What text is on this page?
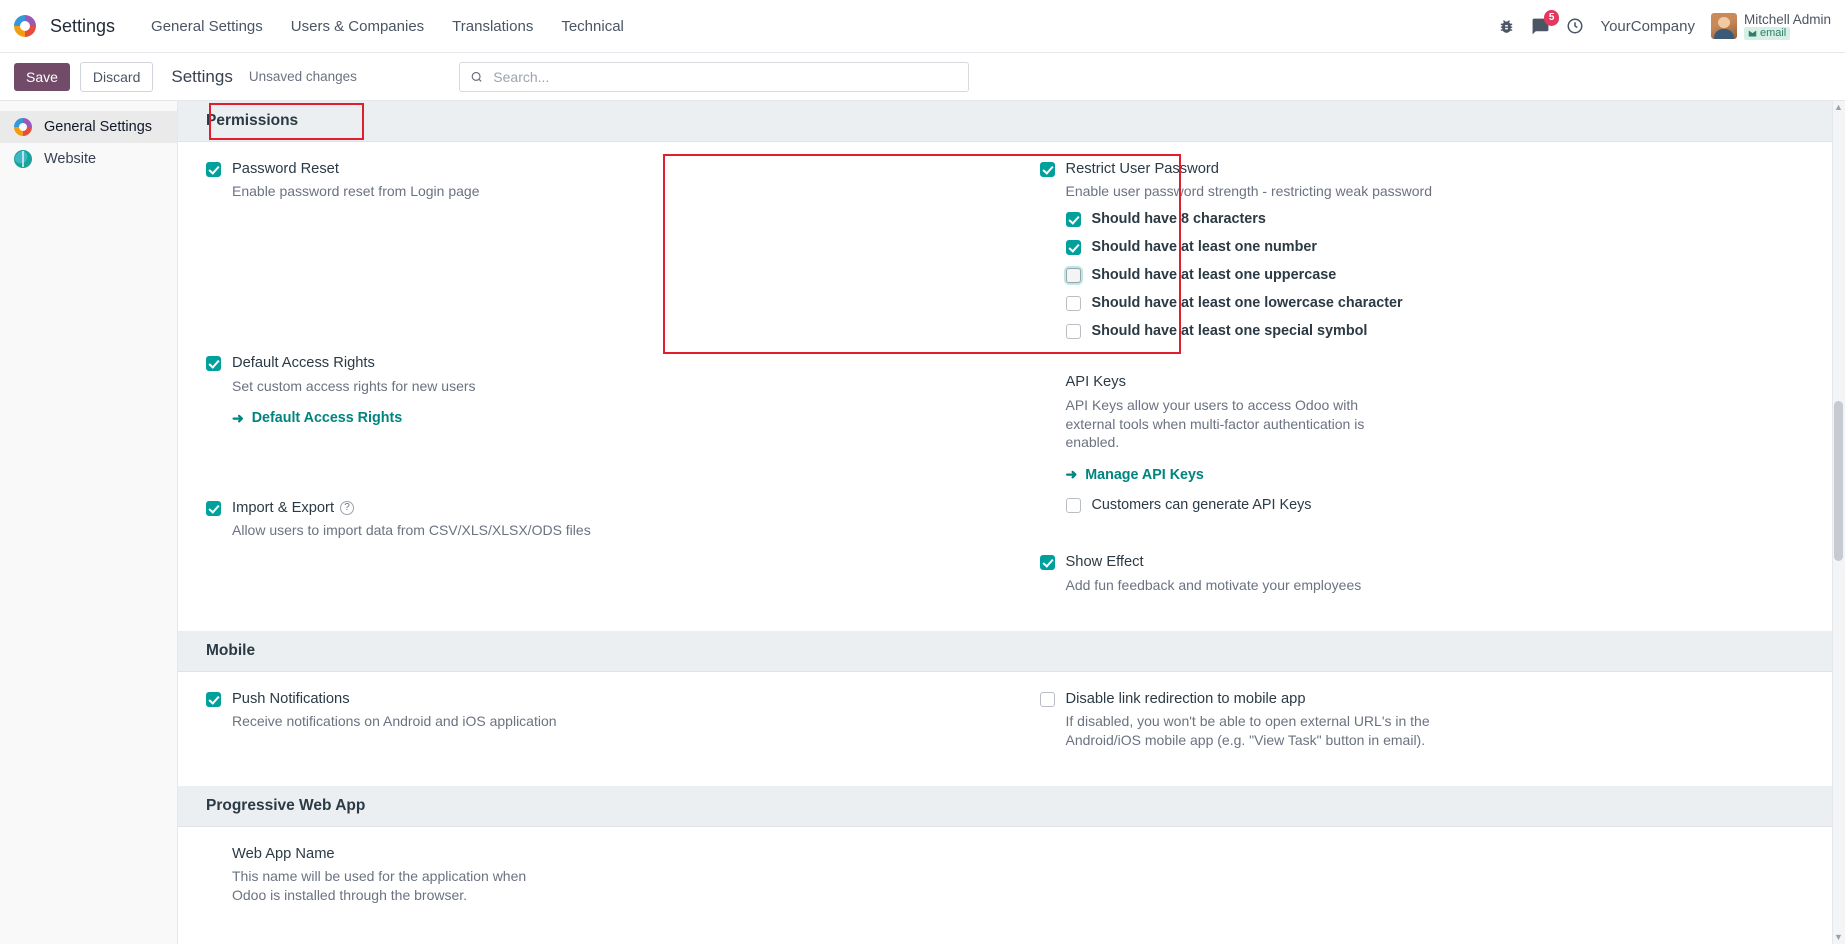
Settings	General Settings	Users & Companies	Translations	Technical
5
YourCompany	Mitchell Admin
email
Save	Discard	Settings Unsaved changes
Search...
General Settings
Website
Permissions
Password Reset
Enable password reset from Login page
Default Access Rights
Set custom access rights for new users
➜ Default Access Rights
Import & Export	?
Allow users to import data from CSV/XLS/XLSX/ODS files
Restrict User Password
Enable user password strength - restricting weak password
Should have 8 characters
Should have at least one number
Should have at least one uppercase
Should have at least one lowercase character
Should have at least one special symbol
API Keys
API Keys allow your users to access Odoo with external tools when multi-factor authentication is enabled.
➜ Manage API Keys
Customers can generate API Keys
Show Effect
Add fun feedback and motivate your employees
Mobile
Push Notifications
Receive notifications on Android and iOS application
Disable link redirection to mobile app
If disabled, you won't be able to open external URL's in the Android/iOS mobile app (e.g. "View Task" button in email).
Progressive Web App
Web App Name
This name will be used for the application when Odoo is installed through the browser.
▲
▼
